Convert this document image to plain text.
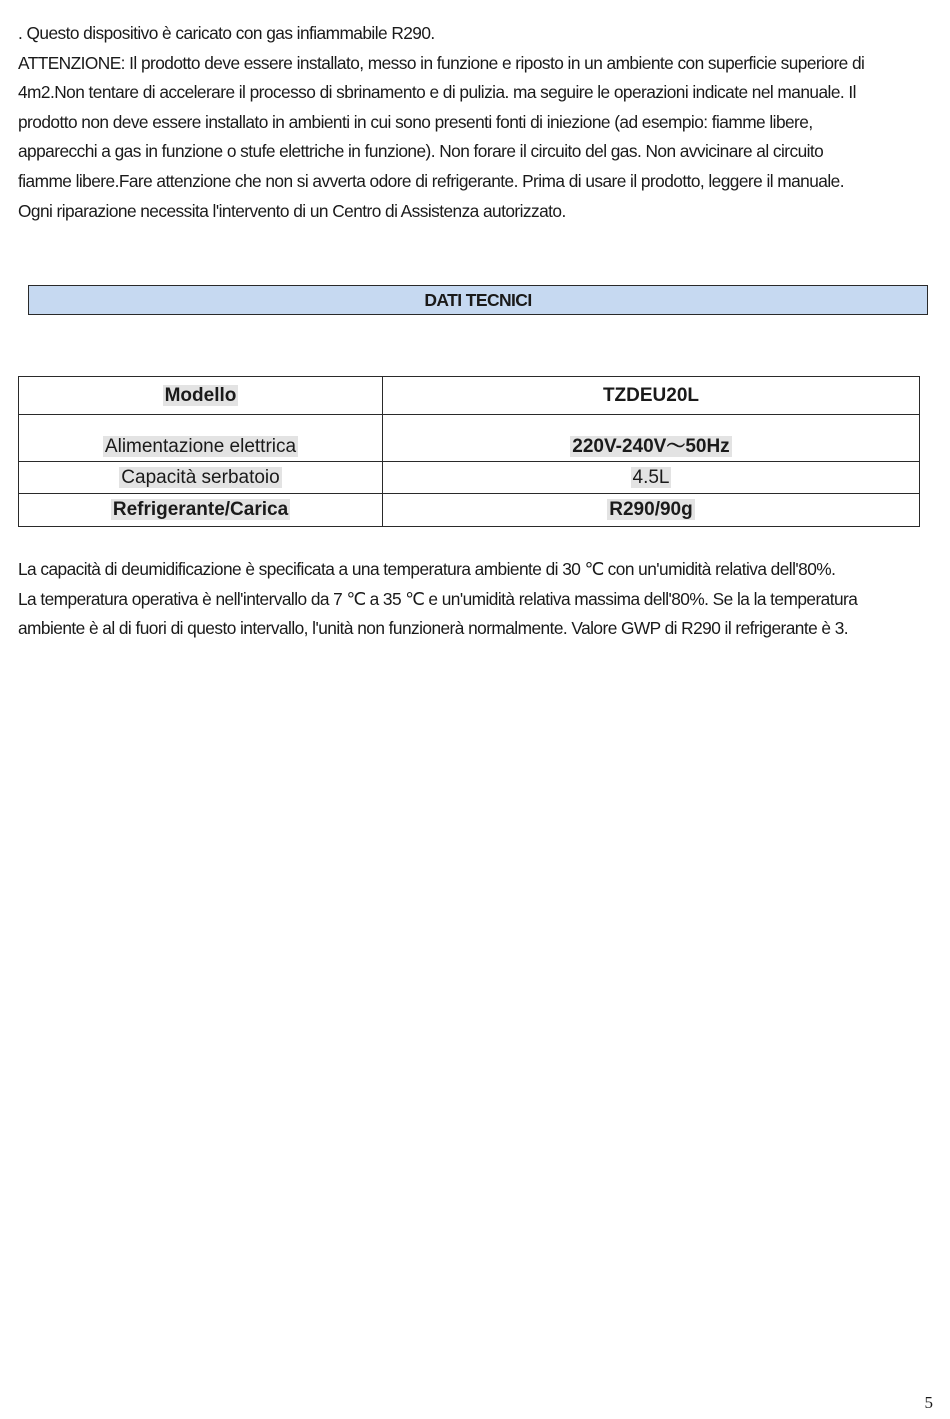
. Questo dispositivo è caricato con gas infiammabile R290.
ATTENZIONE: Il prodotto deve essere installato, messo in funzione e riposto in un ambiente con superficie superiore di
4m2.Non tentare di accelerare il processo di sbrinamento e di pulizia. ma seguire le operazioni indicate nel manuale. Il
prodotto non deve essere installato in ambienti in cui sono presenti fonti di iniezione (ad esempio: fiamme libere,
apparecchi a gas in funzione o stufe elettriche in funzione). Non forare il circuito del gas. Non avvicinare al circuito
fiamme libere.Fare attenzione che non si avverta odore di refrigerante. Prima di usare il prodotto, leggere il manuale.
Ogni riparazione necessita l'intervento di un Centro di Assistenza autorizzato.
DATI TECNICI
Modello	TZDEU20L
Alimentazione elettrica	220V-240V～50Hz
Capacità serbatoio	4.5L
Refrigerante/Carica	R290/90g
La capacità di deumidificazione è specificata a una temperatura ambiente di 30 ℃ con un'umidità relativa dell'80%.
La temperatura operativa è nell'intervallo da 7 ℃ a 35 ℃ e un'umidità relativa massima dell'80%. Se la la temperatura
ambiente è al di fuori di questo intervallo, l'unità non funzionerà normalmente. Valore GWP di R290 il refrigerante è 3.
5
